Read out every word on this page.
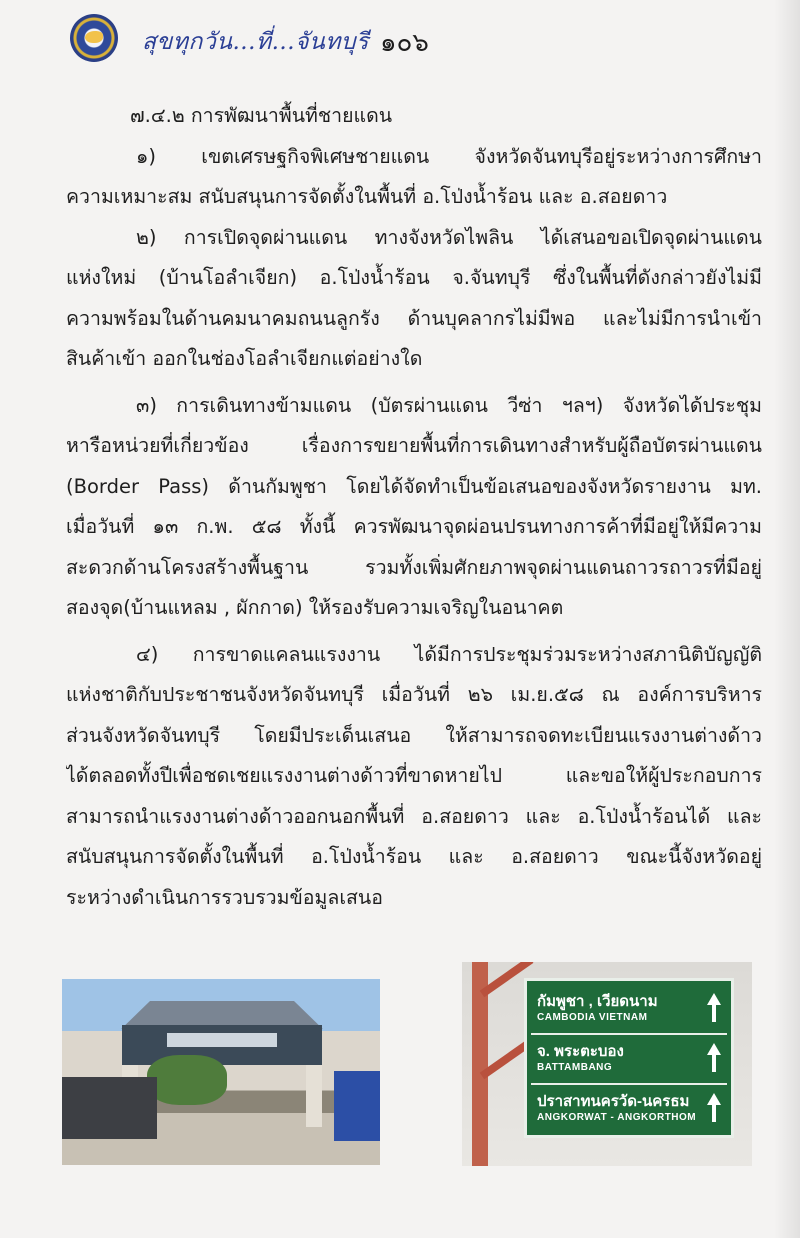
สุขทุกวัน...ที่...จันทบุรี ๑๐๖
๗.๔.๒ การพัฒนาพื้นที่ชายแดน
๑) เขตเศรษฐกิจพิเศษชายแดน จังหวัดจันทบุรีอยู่ระหว่างการศึกษา
ความเหมาะสม สนับสนุนการจัดตั้งในพื้นที่ อ.โป่งน้ำร้อน และ อ.สอยดาว
๒) การเปิดจุดผ่านแดน ทางจังหวัดไพลิน ได้เสนอขอเปิดจุดผ่านแดน
แห่งใหม่ (บ้านโอลำเจียก) อ.โป่งน้ำร้อน จ.จันทบุรี ซึ่งในพื้นที่ดังกล่าวยังไม่มี
ความพร้อมในด้านคมนาคมถนนลูกรัง ด้านบุคลากรไม่มีพอ และไม่มีการนำเข้า
สินค้าเข้า ออกในช่องโอลำเจียกแต่อย่างใด
๓) การเดินทางข้ามแดน (บัตรผ่านแดน วีซ่า ฯลฯ) จังหวัดได้ประชุม
หารือหน่วยที่เกี่ยวข้อง เรื่องการขยายพื้นที่การเดินทางสำหรับผู้ถือบัตรผ่านแดน
(Border Pass) ด้านกัมพูชา โดยได้จัดทำเป็นข้อเสนอของจังหวัดรายงาน มท.
เมื่อวันที่ ๑๓ ก.พ. ๕๘ ทั้งนี้ ควรพัฒนาจุดผ่อนปรนทางการค้าที่มีอยู่ให้มีความ
สะดวกด้านโครงสร้างพื้นฐาน รวมทั้งเพิ่มศักยภาพจุดผ่านแดนถาวรถาวรที่มีอยู่
สองจุด(บ้านแหลม , ผักกาด) ให้รองรับความเจริญในอนาคต
๔) การขาดแคลนแรงงาน ได้มีการประชุมร่วมระหว่างสภานิติบัญญัติ
แห่งชาติกับประชาชนจังหวัดจันทบุรี เมื่อวันที่ ๒๖ เม.ย.๕๘ ณ องค์การบริหาร
ส่วนจังหวัดจันทบุรี โดยมีประเด็นเสนอ ให้สามารถจดทะเบียนแรงงานต่างด้าว
ได้ตลอดทั้งปีเพื่อชดเชยแรงงานต่างด้าวที่ขาดหายไป และขอให้ผู้ประกอบการ
สามารถนำแรงงานต่างด้าวออกนอกพื้นที่ อ.สอยดาว และ อ.โป่งน้ำร้อนได้ และ
สนับสนุนการจัดตั้งในพื้นที่ อ.โป่งน้ำร้อน และ อ.สอยดาว ขณะนี้จังหวัดอยู่
ระหว่างดำเนินการรวบรวมข้อมูลเสนอ
กัมพูชา , เวียดนาม
CAMBODIA VIETNAM
จ. พระตะบอง
BATTAMBANG
ปราสาทนครวัด-นครธม
ANGKORWAT - ANGKORTHOM
